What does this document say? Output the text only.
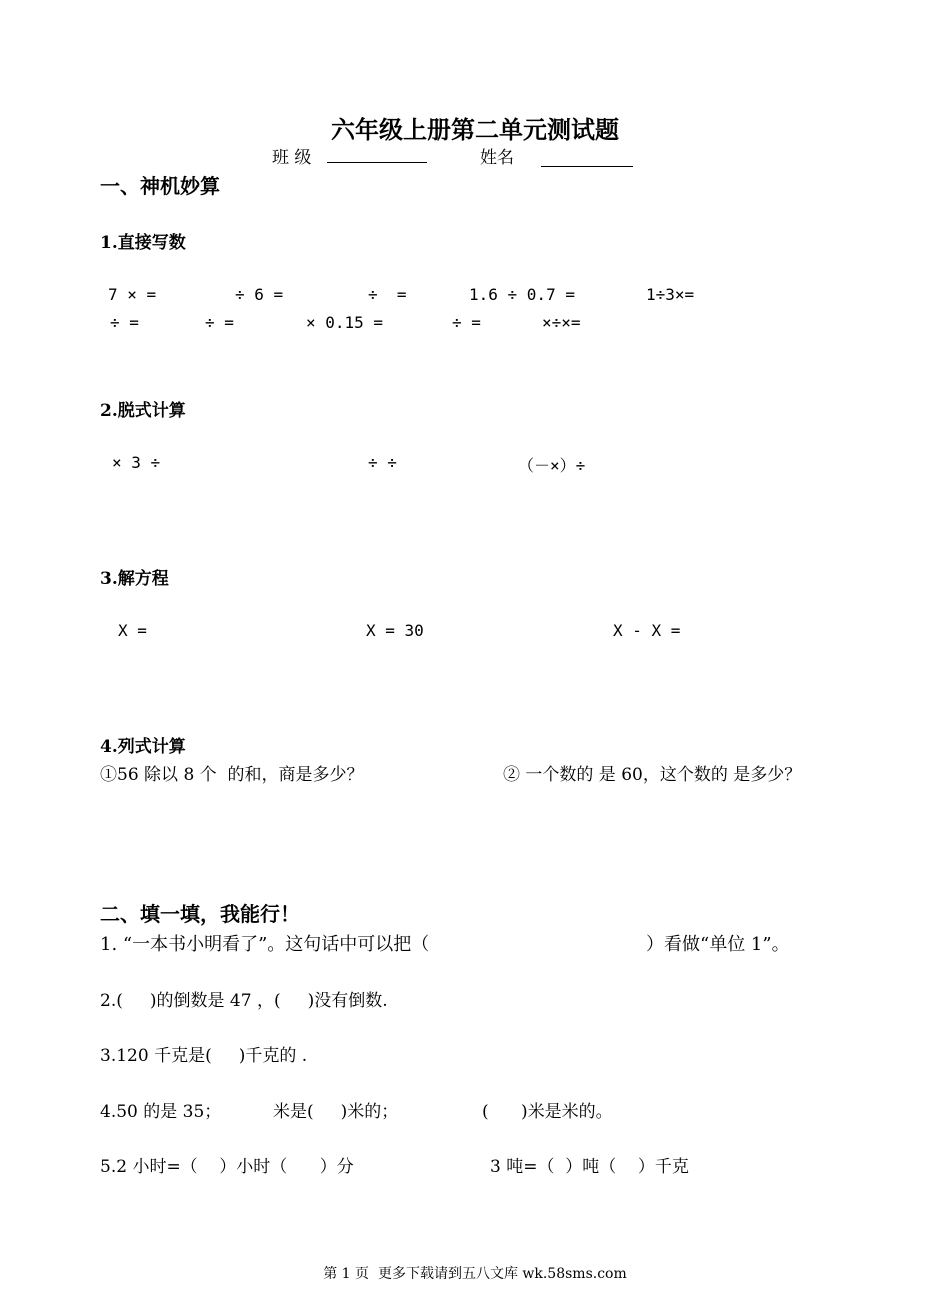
六年级上册第二单元测试题
班 级	姓名
一、神机妙算
1.直接写数
7 × =	÷ 6 =	÷  =	1.6 ÷ 0.7 =	1÷3×=
÷ =	÷ =	× 0.15 =	÷ =	×÷×=
2.脱式计算
× 3 ÷	÷ ÷	（－×）÷
3.解方程
X =	X = 30	X - X =
4.列式计算
①56 除以 8 个  的和，商是多少？	② 一个数的 是 60，这个数的 是多少？
二、填一填，我能行！
1. “一本书小明看了”。这句话中可以把（	）看做“单位 1”。
2.(     )的倒数是 47 ，(     )没有倒数.
3.120 千克是(     )千克的 .
4.50 的是 35；	米是(     )米的；	(      )米是米的。
5.2 小时=（    ）小时（      ）分	3 吨=（  ）吨（    ）千克
第 1 页  更多下载请到五八文库 wk.58sms.com
